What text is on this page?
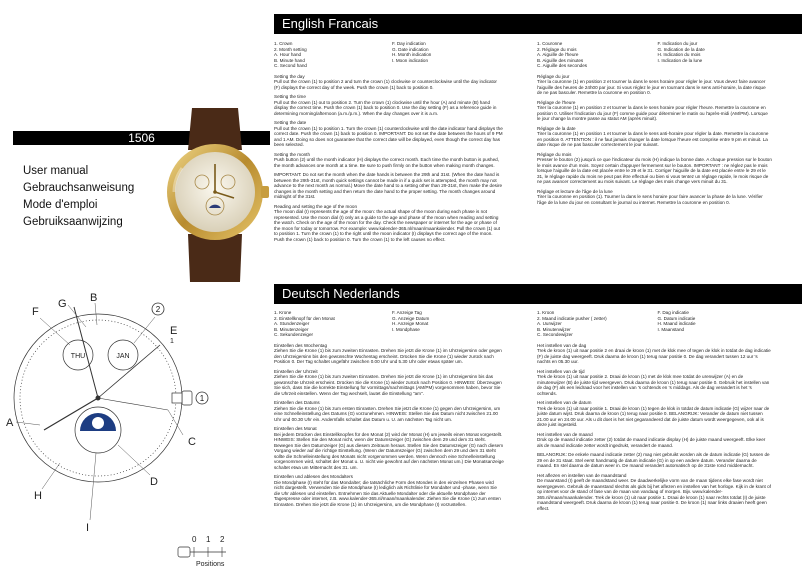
1506
User manual
Gebrauchsanweisung
Mode d'emploi
Gebruiksaanwijzing
2
1
G B
F
E
A
C
D
I
H
THU	JAN
1
0 1 2
Positions
English Francais
1. Crown
2. Month setting
A. Hour hand
B. Minute hand
C. Second hand
F. Day indication
G. Date indication
H. Month indication
I. Moon indication

Setting the day
Pull out the crown (1) to position 2 and turn the crown (1) clockwise or counterclockwise until the day indicator (F) displays the correct day of the week. Push the crown (1) back to position 0.

Setting the time
Pull out the crown (1) out to position 2. Turn the crown (1) clockwise until the hour (A) and minute (B) hand display the correct time. Push the crown (1) back to position 0. Use the day setting (F) as a reference guide in determining morning/afternoon (a.m./p.m.). When the day changes over it is a.m.

Setting the date
Pull out the crown (1) to position 1. Turn the crown (1) counterclockwise until the date indicator hand displays the correct date. Push the crown (1) back to position 0. IMPORTANT: Do not set the date between the hours of 9 PM and 1 AM. Doing so does not guarantee that the correct date will be displayed, even though the correct day has been selected.

Setting the month
Push button (2) until the month indicator (H) displays the correct month. Each time the month button is pushed, the month advances one month at a time. Be sure to push firmly on the button when making month changes.

IMPORTANT: Do not set the month when the date hands is between the 29th and 31st. (When the date hand is between the 29th-31st, month quick settings cannot be made in if a quick set is attempted, the month may not advance to the next month as normal.) Move the date hand to a setting other than 29-31st, then make the desire changes in the month setting and then return the date hand to the proper setting. The month changes around midnight of the 31st.

Reading and setting the age of the moon
The moon dial (I) represents the age of the moon: the actual shape of the moon during each phase is not represented. Use the moon dial (I) only as a guide to the age and phase of the moon when reading and setting the watch. Check on the age of the moon for the day. Check the newspaper or internet for the age or phase of the moon for today or tomorrow. For example: www.kalender-365.nl/maan/maankalender. Pull the crown (1) out to position 1. Turn the crown (1) to the right until the moon indicator (I) displays the correct age of the moon. Push the crown (1) back to position 0. Turn the crown (1) to the left causes no effect.

1. Couronne
2. Réglage du mois
A. Aiguille de l'heure
B. Aiguille des minutes
C. Aiguille des secondes
F. Indication du jour
G. Indication de la date
H. Indication du mois
I. Indication de la lune

Réglage du jour
Tirer la couronne (1) en position 2 et tourner la dans le sens horaire pour régler le jour. Vous devez faire avancer l'aiguille des heures de 24h00 par jour. Si vous réglez le jour en tournant dans le sens anti-horaire, la date risque de ne pas basculer. Remettre la couronne en position 0.

Réglage de l'heure
Tirer la couronne (1) en position 2 et tourner la dans le sens horaire pour régler l'heure. Remettre la couronne en position 0. Utiliser l'indication du jour (F) comme guide pour déterminer le matin ou l'après-midi (AM/PM). Lorsque le jour change la montre passe au statut AM (après minuit).

Réglage de la date
Tirer la couronne (1) en position 1 et tourner la dans le sens anti-horaire pour régler la date. Remettre la couronne en position 0. ATTENTION : il ne faut jamais changer la date lorsque l'heure est comprise entre 9 pm et minuit. La date risque de ne pas basculer correctement le jour suivant.

Réglage du mois
Presser le bouton (2) jusqu'à ce que l'indicateur du mois (H) indique la bonne date. A chaque pression sur le bouton le mois avance d'un mois. Soyez certain d'appuyer fermement sur le bouton. IMPORTANT : ne réglez pas le mois lorsque l'aiguille de la date est placée entre le 29 et le 31. Corriger l'aiguille de la date est placée entre le 29 et le 31, le réglage rapide du mois ne peut pas être effectué ou bien si vous tentez un réglage rapide, le mois risque de ne pas avancer correctement au mois suivant. Le réglage des mois change vers minuit du 31.

Réglage et lecture de l'âge de la lune
Tirer la couronne en position (1). Tourner la dans le sens horaire pour faire avancer la phase de la lune. Vérifier l'âge de la lune du jour en consultant le journal ou internet. Remettre la couronne en position 0.

Deutsch Nederlands
1. Krone
2. Einstellknopf für den Monat
A. Stundenzeiger
B. Minutenzeiger
C. Sekundenzeiger
F. Anzeige Tag
G. Anzeige Datum
H. Anzeige Monat
I. Mondphase

Einstellen des Wochentag
Ziehen Sie die Krone (1) bis zum zweiten Einrasten. Drehen Sie jetzt die Krone (1) im Uhrzeigersinn oder gegen den Uhrzeigersinn bis den gewünschte Wochentag erscheint. Drücken Sie die Krone (1) wieder zurück nach Position 0. Der Tag schaltet ungefähr zwischen 0.00 Uhr und 5.30 Uhr oder etwas später um.

Einstellen der Uhrzeit
Ziehen Sie die Krone (1) bis zum zweiten Einrasten. Drehen Sie jetzt die Krone (1) im Uhrzeigersinn bis das gewünschte Uhrzeit erscheint. Drücken Sie die Krone (1) wieder zurück nach Position 0. HINWEIS: Überzeugen Sie sich, dass Sie die korrekte Einstellung für vormittags/nachmittags (AM/PM) vorgenommen haben, bevor Sie die Uhrzeit einstellen. Wenn der Tag wechselt, lautet die Einstellung "am".

Einstellen des Datums
Ziehen Sie die Krone (1) bis zum ersten Einrasten. Drehen Sie jetzt die Krone (1) gegen den Uhrzeigersinn, um eine Schnelleinstellung des Datums (G) vorzunehmen. HINWEIS: Stellen Sie das Datum nicht zwischen 21.00 Uhr und 00.30 Uhr ein. Andernfalls schaltet das Datum u. U. am nächsten Tag nicht um.

Einstellen des Monat
Bei jedem Drücken des Einstellknopfes für den Monat (2) wird der Monat (H) um jeweils einen Monat vorgestellt. HINWEIS: Stellen Sie den Monat nicht, wenn der Datumszeiger (G) zwischen dem 29 und dem 31 steht. Bewegen Sie den Datumzeiger (G) aus diesem Zeitraum heraus. Stellen Sie den Datumszeiger (G) nach diesem Vorgang wieder auf die richtige Einstellung. (Wenn der Datumszeiger (G) zwischen dem 29 und dem 31 steht sollte die Schnelleinstellung des Monats nicht vorgenommen werden. Wenn dennoch eine Schnelleinstellung vorgenommen wird, schaltet der Monat u. U. nicht wie gewohnt auf den nächsten Monat um.) Die Monatsanzeige schaltet etwa um Mitternacht des 31. um.

Einstellen und ablesen des Mondalters
Die Mondphase (I) steht für das Mondalter; die tatsächliche Form des Mondes in den einzelnen Phasen wird nicht dargestellt. Verwenden Sie die Mondphase (I) lediglich als Richtlinie für Mondalter und -phase, wenn Sie die Uhr ablesen und einstellen. Entnehmen Sie das Aktuelle Mondalter oder die aktuelle Mondphase der Tagespresse oder internet, z.B. www.kalender-365.nl/maan/maankalender. Ziehen Sie die Krone (1) zum ersten Einrasten. Drehen Sie jetzt die Krone (1) im Uhrzeigersinn, um die Mondphase (I) vorzustellen.

1. Kroon
2. Maand indicatie pusher ( zetter)
A. Uurwijzer
B. Minutenwijzer
C. Secondewijzer
F. Dag indicatie
G. Datum indicatie
H. Maand indicatie
I. Maanstand

Het instellen van de dag
Trek de kroon (1) uit naar positie 2 en draai de kroon (1) met de klok mee of tegen de klok in totdat de dag indicatie (F) de juiste dag weergeeft. Druk daarna de kroon (1) terug naar positie 0. De dag verandert tussen 12 uur 's nachts en 05.30 uur.

Het instellen van de tijd
Trek de kroon (1) uit naar positie 2. Draai de kroon (1) met de klok mee totdat de urenwijzer (A) en de minutenwijzer (B) de juiste tijd weergeven. Druk daarna de kroon (1) terug naar positie 0. Gebruik het instellen van de dag (F) als een leidraad voor het instellen van 's ochtends en 's middags. Als de dag verandert is het 's ochtends.

Het instellen van de datum
Trek de kroon (1) uit naar positie 1. Draai de kroon (1) tegen de klok in totdat de datum indicatie (G) wijzer naar de juiste datum wijst. Druk daarna de kroon (1) terug naar positie 0. BELANGRIJK: Verander de datum niet tussen 21.00 uur en 24.00 uur. Als u dit doet is het niet gegarandeerd dat de juiste datum wordt weergegeven, ook al is deze juist ingesteld.

Het instellen van de maand
Druk op de maand indicatie zetter (2) totdat de maand indicatie display (H) de juiste maand weergeeft. Elke keer als de maand indicatie zetter wordt ingedrukt, verandert de maand.

BELANGRIJK: De enkele maand indicatie zetter (2) mag niet gebruikt worden als de datum indicatie (G) tussen de 29 en de 31 staat. Stel eerst handmatig de datum indicatie (G) in op een andere datum. Verander daarna de maand. En stel daarna de datum weer in. De maand verandert automatisch op de 31ste rond middernacht.

Het aflezen en instellen van de maandstand
De maanstand (I) geeft de maandstand weer. De daadwerkelijke vorm van de maan tijdens elke fase wordt niet weergegeven. Gebruik de maanstand slechts als gids bij het aflezen en instellen van het horloge. Kijk in de krant of op internet voor de stand of fase van de maan van vandaag of morgen. Bijv. www.kalender-365.nl/maan/maankalender. Trek de kroon (1) uit naar positie 1. Draai de kroon (1) naar rechts totdat (I) de juiste maandstand weergeeft. Druk daarna de kroon (1) terug naar positie 0. De kroon (1) naar links draaien heeft geen effect.
